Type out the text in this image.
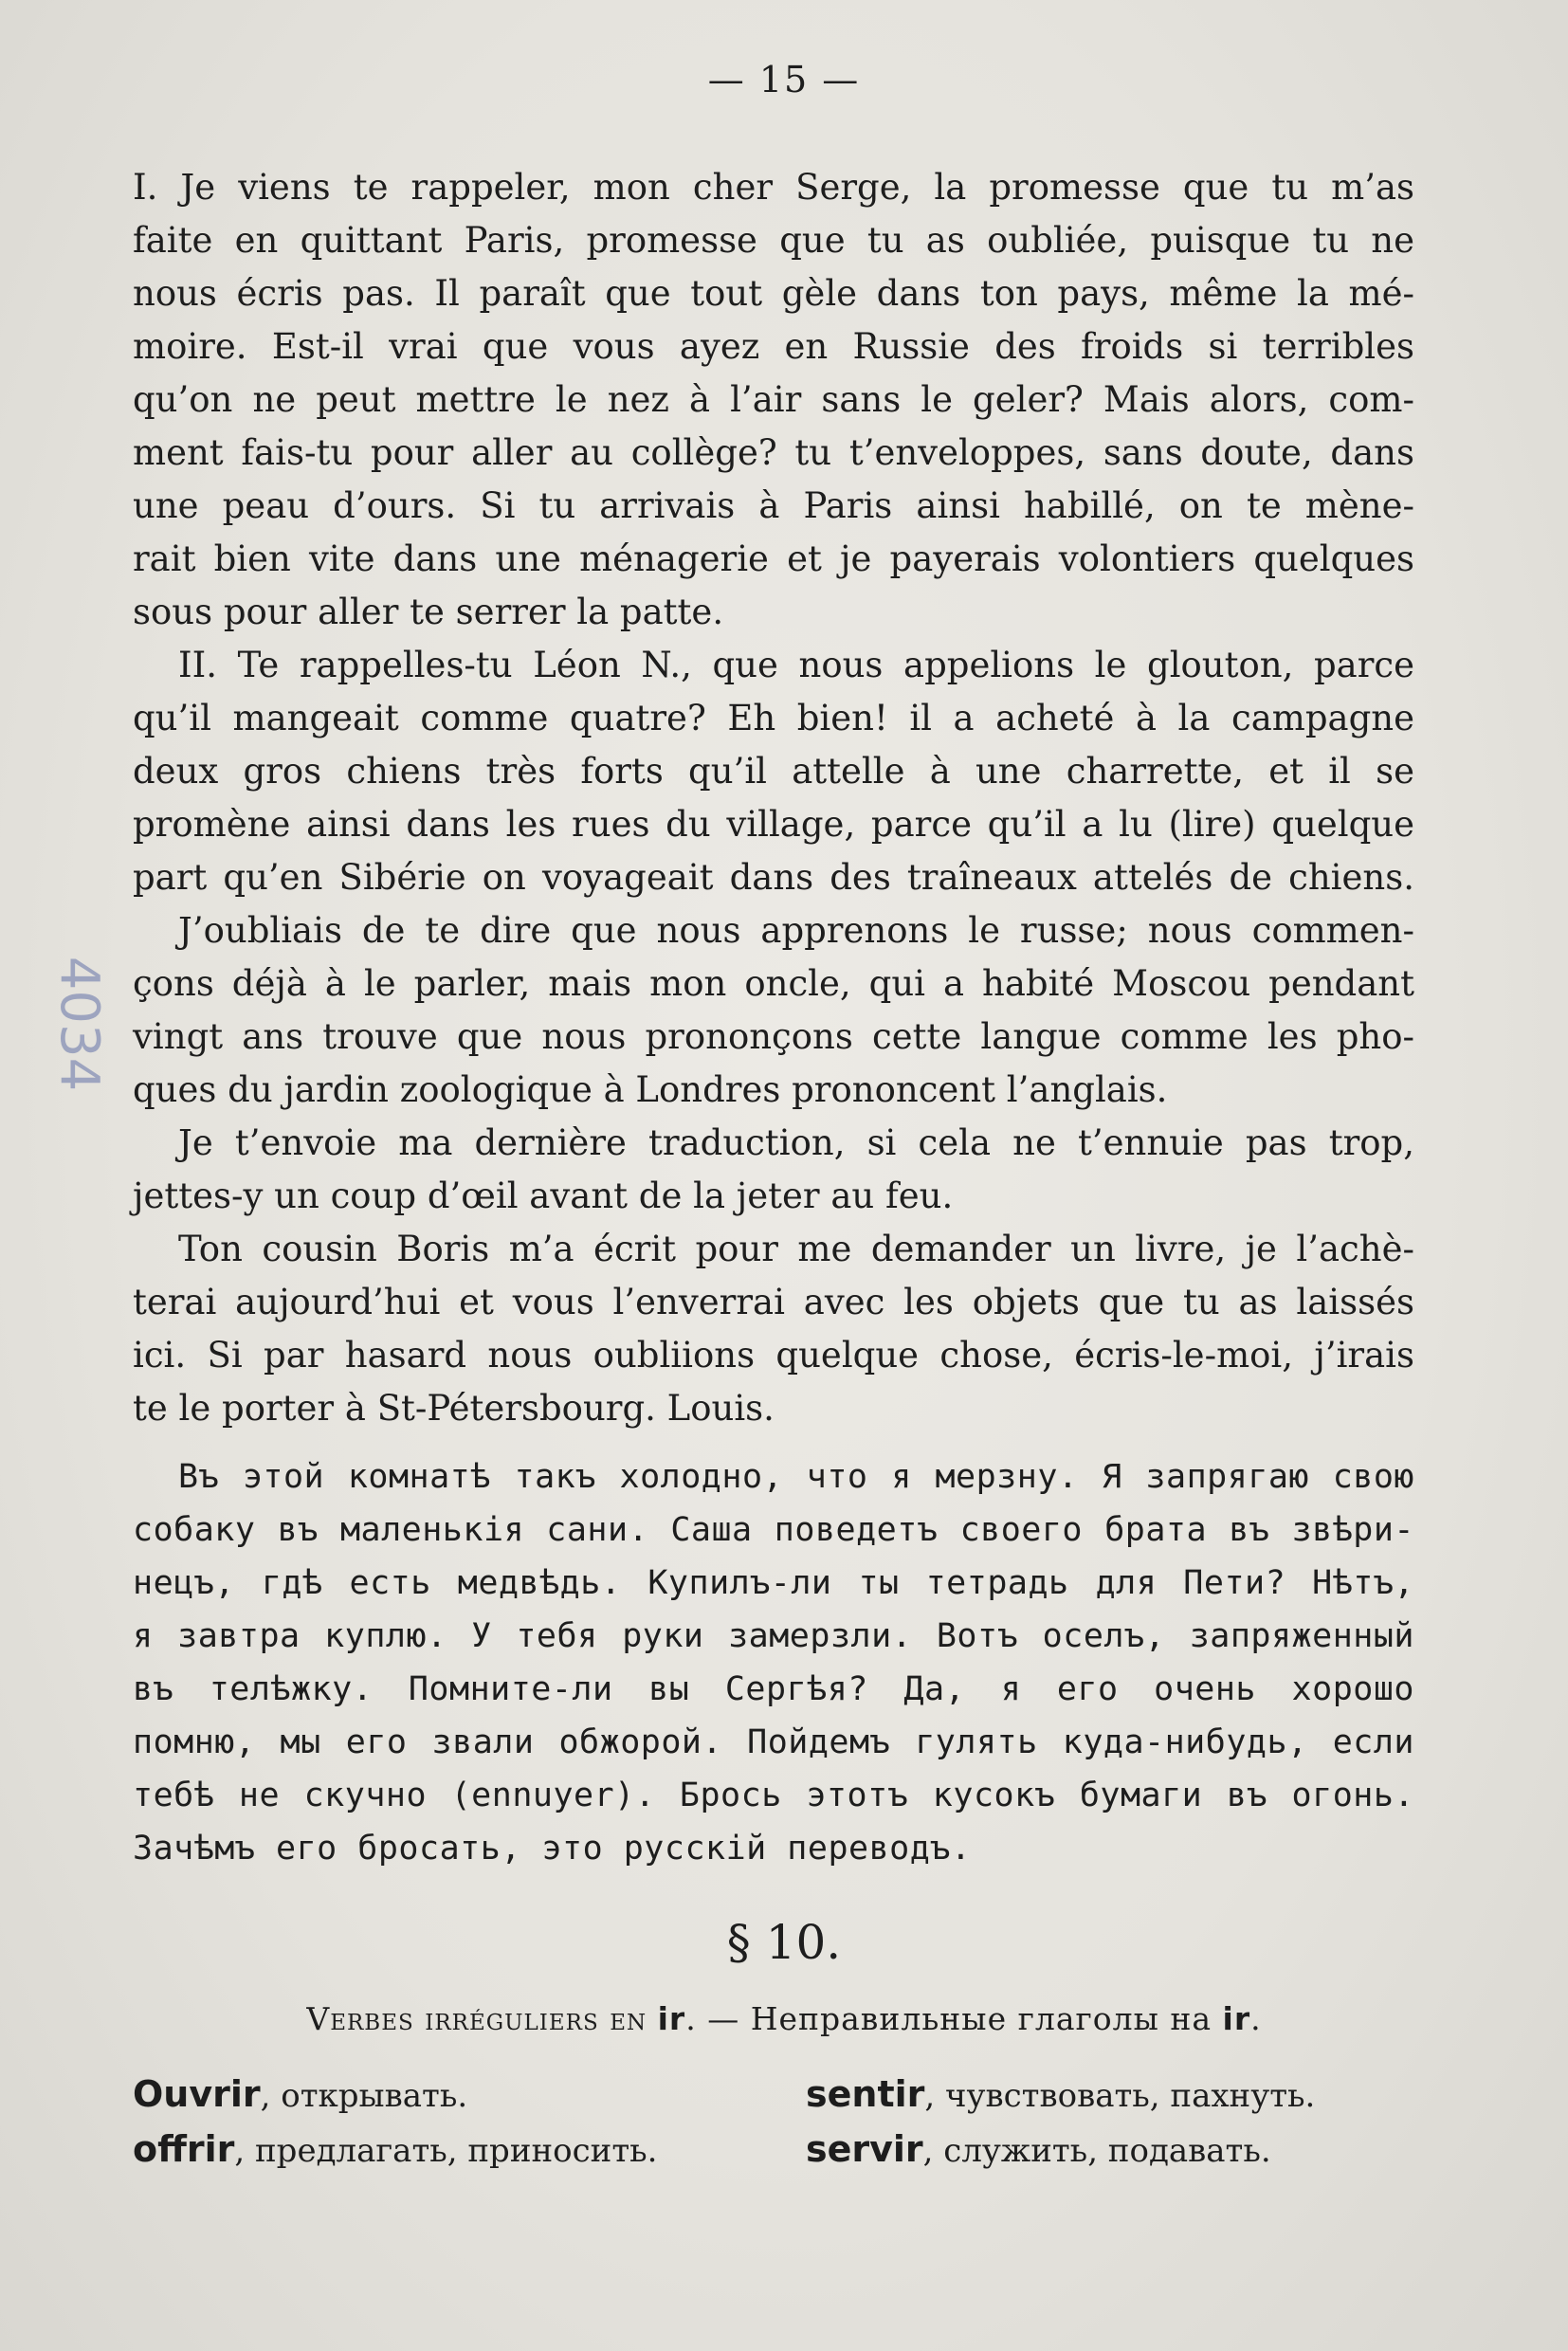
— 15 —
I. Je viens te rappeler, mon cher Serge, la promesse que tu m’as
faite en quittant Paris, promesse que tu as oubliée, puisque tu ne
nous écris pas. Il paraît que tout gèle dans ton pays, même la mé-
moire. Est-il vrai que vous ayez en Russie des froids si terribles
qu’on ne peut mettre le nez à l’air sans le geler? Mais alors, com-
ment fais-tu pour aller au collège? tu t’enveloppes, sans doute, dans
une peau d’ours. Si tu arrivais à Paris ainsi habillé, on te mène-
rait bien vite dans une ménagerie et je payerais volontiers quelques
sous pour aller te serrer la patte.
II. Te rappelles-tu Léon N., que nous appelions le glouton, parce
qu’il mangeait comme quatre? Eh bien! il a acheté à la campagne
deux gros chiens très forts qu’il attelle à une charrette, et il se
promène ainsi dans les rues du village, parce qu’il a lu (lire) quelque
part qu’en Sibérie on voyageait dans des traîneaux attelés de chiens.
J’oubliais de te dire que nous apprenons le russe; nous commen-
çons déjà à le parler, mais mon oncle, qui a habité Moscou pendant
vingt ans trouve que nous prononçons cette langue comme les pho-
ques du jardin zoologique à Londres prononcent l’anglais.
Je t’envoie ma dernière traduction, si cela ne t’ennuie pas trop,
jettes-y un coup d’œil avant de la jeter au feu.
Ton cousin Boris m’a écrit pour me demander un livre, je l’achè-
terai aujourd’hui et vous l’enverrai avec les objets que tu as laissés
ici. Si par hasard nous oubliions quelque chose, écris-le-moi, j’irais
te le porter à St-Pétersbourg. Louis.
Въ этой комнатѣ такъ холодно, что я мерзну. Я запрягаю свою
собаку въ маленькія сани. Саша поведетъ своего брата въ звѣри-
нецъ, гдѣ есть медвѣдь. Купилъ-ли ты тетрадь для Пети? Нѣтъ,
я завтра куплю. У тебя руки замерзли. Вотъ оселъ, запряженный
въ телѣжку. Помните-ли вы Сергѣя? Да, я его очень хорошо
помню, мы его звали обжорой. Пойдемъ гулять куда-нибудь, если
тебѣ не скучно (ennuyer). Брось этотъ кусокъ бумаги въ огонь.
Зачѣмъ его бросать, это русскій переводъ.
§ 10.
Verbes irréguliers en ir. — Неправильные глаголы на ir.
Ouvrir, открывать.	sentir, чувствовать, пахнуть.
offrir, предлагать, приносить.	servir, служить, подавать.
4034
